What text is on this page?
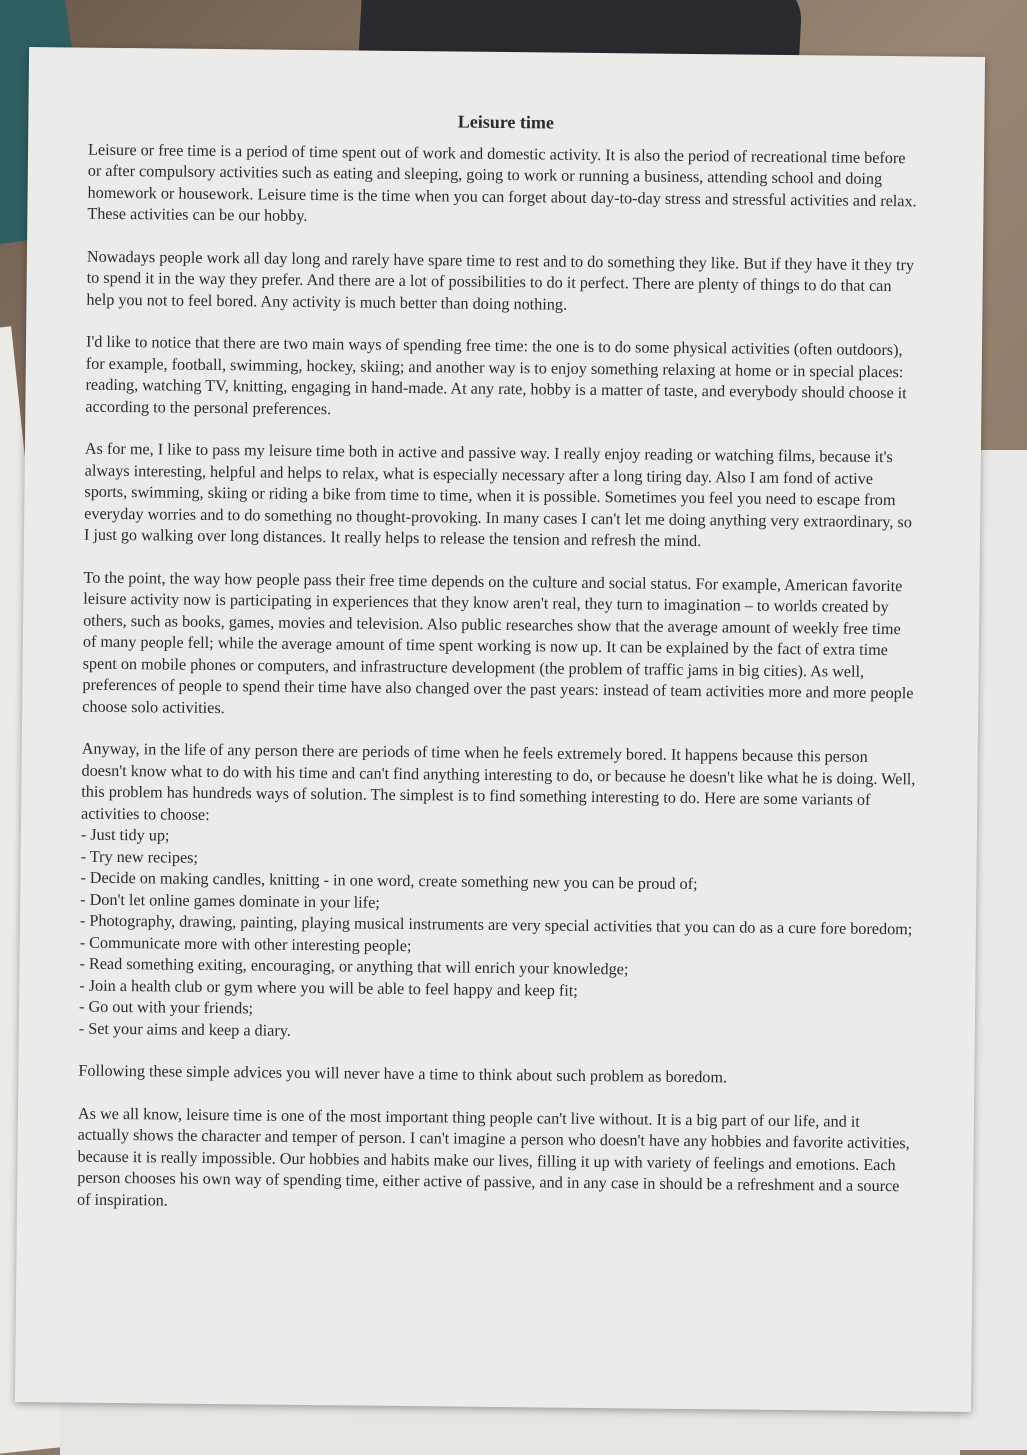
Leisure time

Leisure or free time is a period of time spent out of work and domestic activity. It is also the period of recreational time before or after compulsory activities such as eating and sleeping, going to work or running a business, attending school and doing homework or housework. Leisure time is the time when you can forget about day-to-day stress and stressful activities and relax. These activities can be our hobby.

Nowadays people work all day long and rarely have spare time to rest and to do something they like. But if they have it they try to spend it in the way they prefer. And there are a lot of possibilities to do it perfect. There are plenty of things to do that can help you not to feel bored. Any activity is much better than doing nothing.

I'd like to notice that there are two main ways of spending free time: the one is to do some physical activities (often outdoors), for example, football, swimming, hockey, skiing; and another way is to enjoy something relaxing at home or in special places: reading, watching TV, knitting, engaging in hand-made. At any rate, hobby is a matter of taste, and everybody should choose it according to the personal preferences.

As for me, I like to pass my leisure time both in active and passive way. I really enjoy reading or watching films, because it's always interesting, helpful and helps to relax, what is especially necessary after a long tiring day. Also I am fond of active sports, swimming, skiing or riding a bike from time to time, when it is possible. Sometimes you feel you need to escape from everyday worries and to do something no thought-provoking. In many cases I can't let me doing anything very extraordinary, so I just go walking over long distances. It really helps to release the tension and refresh the mind.

To the point, the way how people pass their free time depends on the culture and social status. For example, American favorite leisure activity now is participating in experiences that they know aren't real, they turn to imagination – to worlds created by others, such as books, games, movies and television. Also public researches show that the average amount of weekly free time of many people fell; while the average amount of time spent working is now up. It can be explained by the fact of extra time spent on mobile phones or computers, and infrastructure development (the problem of traffic jams in big cities). As well, preferences of people to spend their time have also changed over the past years: instead of team activities more and more people choose solo activities.

Anyway, in the life of any person there are periods of time when he feels extremely bored. It happens because this person doesn't know what to do with his time and can't find anything interesting to do, or because he doesn't like what he is doing. Well, this problem has hundreds ways of solution. The simplest is to find something interesting to do. Here are some variants of activities to choose:

- Just tidy up;
- Try new recipes;
- Decide on making candles, knitting - in one word, create something new you can be proud of;
- Don't let online games dominate in your life;
- Photography, drawing, painting, playing musical instruments are very special activities that you can do as a cure fore boredom;
- Communicate more with other interesting people;
- Read something exiting, encouraging, or anything that will enrich your knowledge;
- Join a health club or gym where you will be able to feel happy and keep fit;
- Go out with your friends;
- Set your aims and keep a diary.

Following these simple advices you will never have a time to think about such problem as boredom.

As we all know, leisure time is one of the most important thing people can't live without. It is a big part of our life, and it actually shows the character and temper of person. I can't imagine a person who doesn't have any hobbies and favorite activities, because it is really impossible. Our hobbies and habits make our lives, filling it up with variety of feelings and emotions. Each person chooses his own way of spending time, either active of passive, and in any case in should be a refreshment and a source of inspiration.
